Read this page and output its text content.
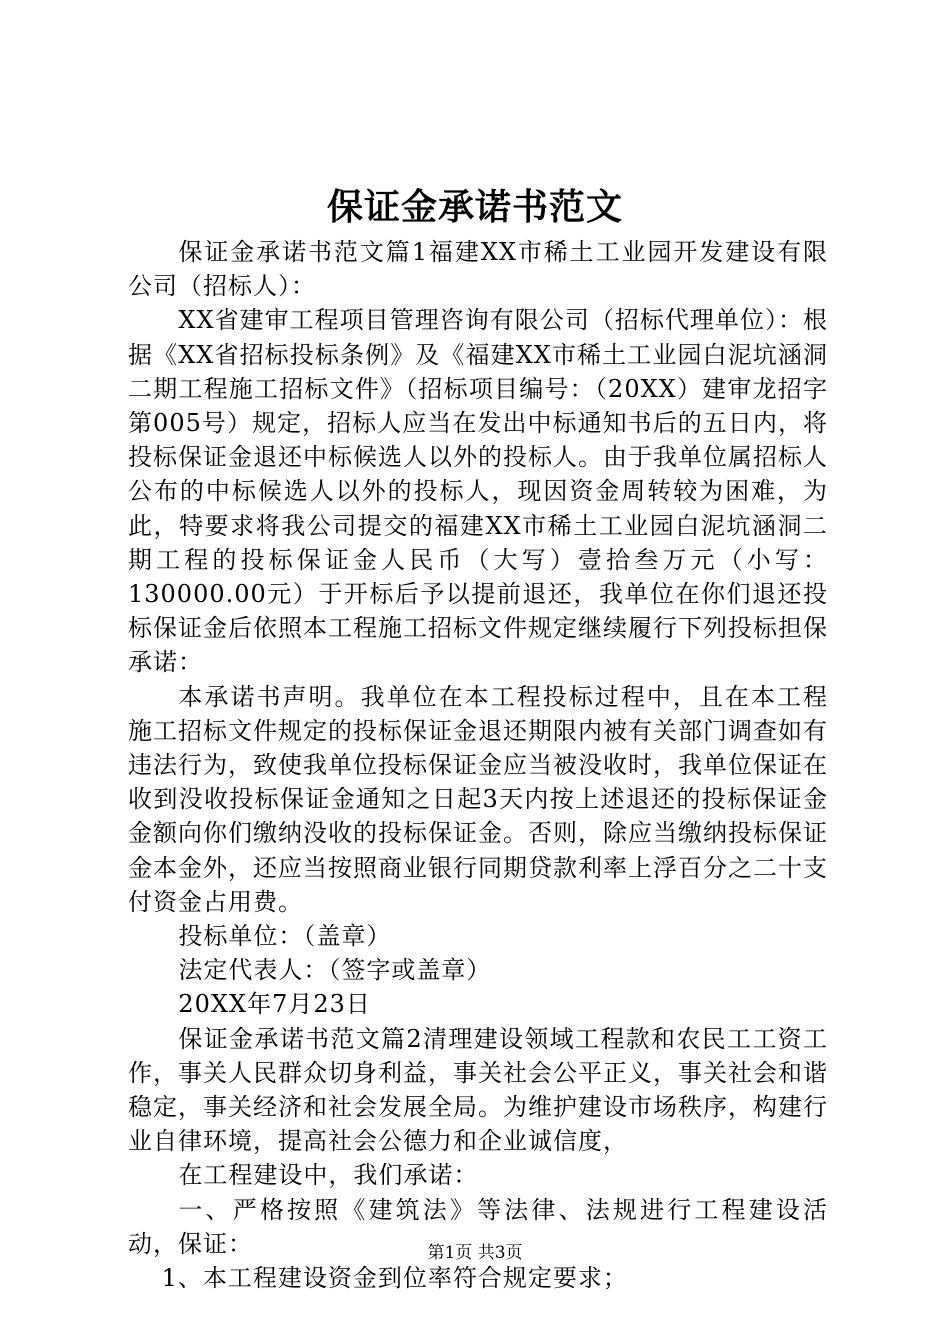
保证金承诺书范文

保证金承诺书范文篇1福建XX市稀土工业园开发建设有限公司（招标人）：

XX省建审工程项目管理咨询有限公司（招标代理单位）：根据《XX省招标投标条例》及《福建XX市稀土工业园白泥坑涵洞二期工程施工招标文件》（招标项目编号：（20XX）建审龙招字第005号）规定，招标人应当在发出中标通知书后的五日内，将投标保证金退还中标候选人以外的投标人。由于我单位属招标人公布的中标候选人以外的投标人，现因资金周转较为困难，为此，特要求将我公司提交的福建XX市稀土工业园白泥坑涵洞二期工程的投标保证金人民币（大写）壹拾叁万元（小写：130000.00元）于开标后予以提前退还，我单位在你们退还投标保证金后依照本工程施工招标文件规定继续履行下列投标担保承诺：

本承诺书声明。我单位在本工程投标过程中，且在本工程施工招标文件规定的投标保证金退还期限内被有关部门调查如有违法行为，致使我单位投标保证金应当被没收时，我单位保证在收到没收投标保证金通知之日起3天内按上述退还的投标保证金金额向你们缴纳没收的投标保证金。否则，除应当缴纳投标保证金本金外，还应当按照商业银行同期贷款利率上浮百分之二十支付资金占用费。

投标单位：（盖章）

法定代表人：（签字或盖章）

20XX年7月23日

保证金承诺书范文篇2清理建设领域工程款和农民工工资工作，事关人民群众切身利益，事关社会公平正义，事关社会和谐稳定，事关经济和社会发展全局。为维护建设市场秩序，构建行业自律环境，提高社会公德力和企业诚信度，

在工程建设中，我们承诺：

一、严格按照《建筑法》等法律、法规进行工程建设活动，保证：

1、本工程建设资金到位率符合规定要求；

第1页 共3页
